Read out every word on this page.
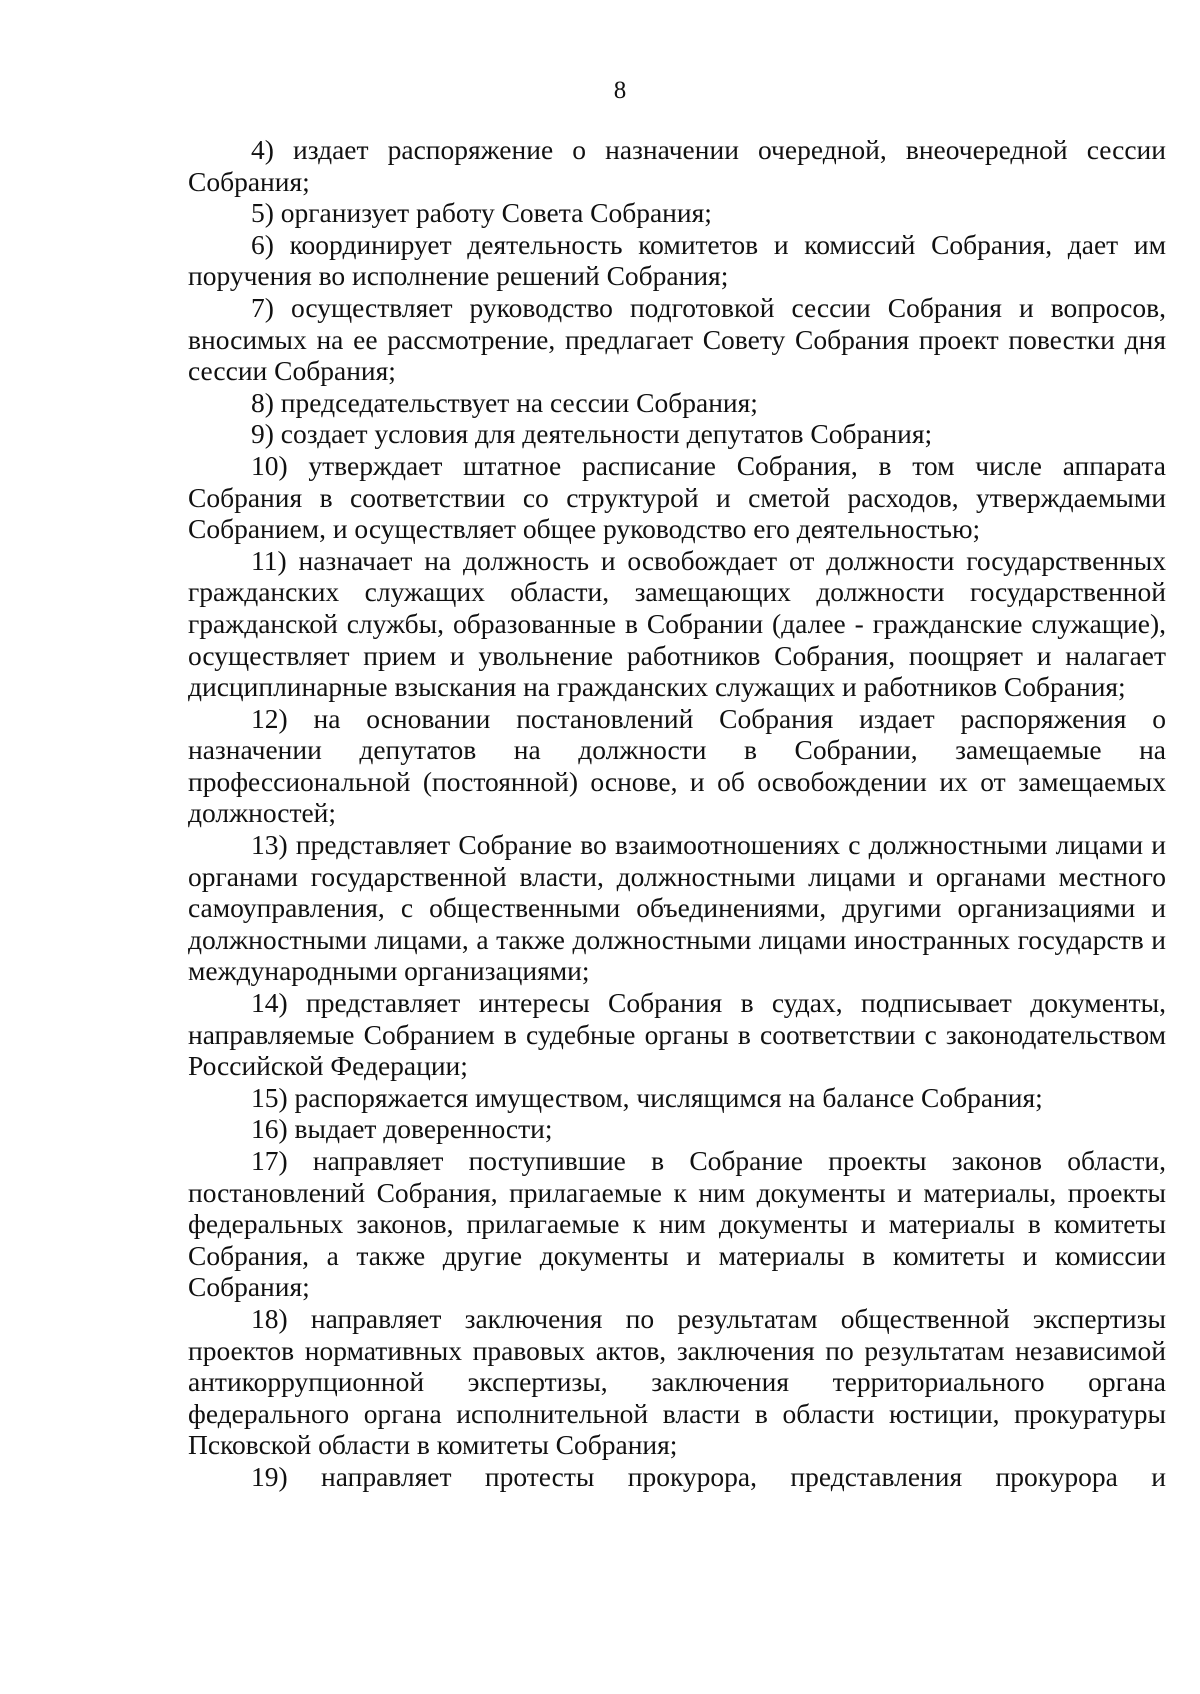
8

4) издает распоряжение о назначении очередной, внеочередной сессии Собрания;

5) организует работу Совета Собрания;

6) координирует деятельность комитетов и комиссий Собрания, дает им поручения во исполнение решений Собрания;

7) осуществляет руководство подготовкой сессии Собрания и вопросов, вносимых на ее рассмотрение, предлагает Совету Собрания проект повестки дня сессии Собрания;

8) председательствует на сессии Собрания;

9) создает условия для деятельности депутатов Собрания;

10) утверждает штатное расписание Собрания, в том числе аппарата Собрания в соответствии со структурой и сметой расходов, утверждаемыми Собранием, и осуществляет общее руководство его деятельностью;

11) назначает на должность и освобождает от должности государственных гражданских служащих области, замещающих должности государственной гражданской службы, образованные в Собрании (далее - гражданские служащие), осуществляет прием и увольнение работников Собрания, поощряет и налагает дисциплинарные взыскания на гражданских служащих и работников Собрания;

12) на основании постановлений Собрания издает распоряжения о назначении депутатов на должности в Собрании, замещаемые на профессиональной (постоянной) основе, и об освобождении их от замещаемых должностей;

13) представляет Собрание во взаимоотношениях с должностными лицами и органами государственной власти, должностными лицами и органами местного самоуправления, с общественными объединениями, другими организациями и должностными лицами, а также должностными лицами иностранных государств и международными организациями;

14) представляет интересы Собрания в судах, подписывает документы, направляемые Собранием в судебные органы в соответствии с законодательством Российской Федерации;

15) распоряжается имуществом, числящимся на балансе Собрания;

16) выдает доверенности;

17) направляет поступившие в Собрание проекты законов области, постановлений Собрания, прилагаемые к ним документы и материалы, проекты федеральных законов, прилагаемые к ним документы и материалы в комитеты Собрания, а также другие документы и материалы в комитеты и комиссии Собрания;

18) направляет заключения по результатам общественной экспертизы проектов нормативных правовых актов, заключения по результатам независимой антикоррупционной экспертизы, заключения территориального органа федерального органа исполнительной власти в области юстиции, прокуратуры Псковской области в комитеты Собрания;

19) направляет протесты прокурора, представления прокурора и
